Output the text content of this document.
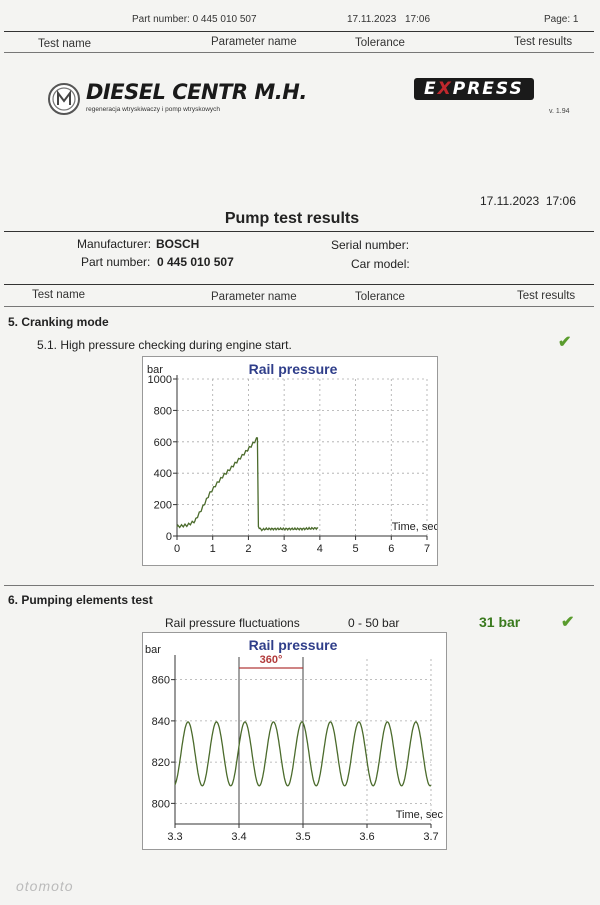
Part number: 0 445 010 507	17.11.2023 17:06	Page: 1
Test name	Parameter name	Tolerance	Test results
DIESEL CENTR M.H.
regeneracja wtryskiwaczy i pomp wtryskowych
EXPRESS
v. 1.94
17.11.2023  17:06
Pump test results
Manufacturer: BOSCH
Part number: 0 445 010 507
Serial number:
Car model:
Test name	Parameter name	Tolerance	Test results
5. Cranking mode
5.1. High pressure checking during engine start.	✔
Rail pressure
bar
Time, sec
0
200
400
600
800
1000
0	1	2	3	4	5	6	7
6. Pumping elements test
Rail pressure fluctuations	0 - 50 bar	31 bar	✔
Rail pressure
bar
Time, sec
800
820
840
860
3.3	3.4	3.5	3.6	3.7
360°
otomoto
